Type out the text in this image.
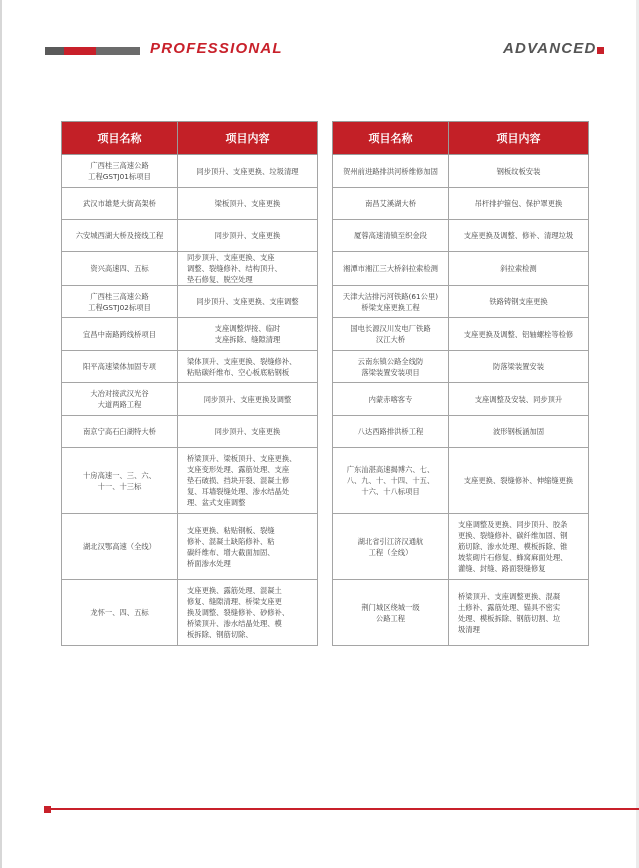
PROFESSIONAL	ADVANCED
项目名称	项目内容
广西桂三高速公路
工程GSTJ01标项目	同步顶升、支座更换、垃圾清理
武汉市雄楚大街高架桥	梁板顶升、支座更换
六安城西湖大桥及接线工程	同步顶升、支座更换
资兴高速四、五标	同步顶升、支座更换、支座
调整、裂缝修补、结构顶升、
垫石修复、脱空处理
广西桂三高速公路
工程GSTJ02标项目	同步顶升、支座更换、支座调整
宜昌中南路跨线桥项目	支座调整焊接、临时
支座拆除、缝隙清理
阳平高速梁体加固专项	梁体顶升、支座更换、裂缝修补、
粘贴碳纤维布、空心板底粘钢板
大冶对接武汉光谷
大道两路工程	同步顶升、支座更换及调整
南京宁高石臼湖特大桥	同步顶升、支座更换
十房高速一、三、六、
十一、十三标	桥梁顶升、梁板顶升、支座更换、
支座变形处理、露筋处理、支座
垫石破损、挡块开裂、混凝土修
复、耳墙裂缝处理、渗水结晶处
理、盆式支座调整
湖北汉鄂高速（全线）	支座更换、粘贴钢板、裂缝
修补、混凝土缺陷修补、粘
碳纤维布、增大截面加固、
桥面渗水处理
龙怀一、四、五标	支座更换、露筋处理、混凝土
修复、缝隙清理、桥梁支座更
换及调整、裂缝修补、砂修补、
桥梁顶升、渗水结晶处理、模
板拆除、钢筋切除、
项目名称	项目内容
贺州前进路排洪河桥维修加固	钢板纹板安装
南昌艾溪湖大桥	吊杆排护箍包、保护罩更换
厦蓉高速清镇至织金段	支座更换及调整、修补、清理垃圾
湘潭市湘江三大桥斜拉索检测	斜拉索检测
天津大沽排污河铁路(61公里)
桥梁支座更换工程	铁路铸钢支座更换
国电长源汉川发电厂铁路
汉江大桥	支座更换及调整、铝轴螺栓等检修
云南东镇公路全线防
落梁装置安装项目	防落梁装置安装
内蒙赤喀客专	支座调整及安装、同步顶升
八达西路排洪桥工程	波形钢板涵加固
广东汕湛高速揭博六、七、
八、九、十、十四、十五、
十六、十八标项目	支座更换、裂缝修补、伸缩缝更换
湖北省引江济汉通航
工程（全线）	支座调整及更换、同步顶升、胶条
更换、裂缝修补、碳纤维加固、钢
筋切除、渗水处理、模板拆除、锥
坡浆砌片石修复、蜂窝麻面处理、
灌缝、封缝、路面裂缝修复
荆门城区绕城一级
公路工程	桥梁顶升、支座调整更换、混凝
土修补、露筋处理、锚具不密实
处理、模板拆除、钢筋切割、垃
圾清理
